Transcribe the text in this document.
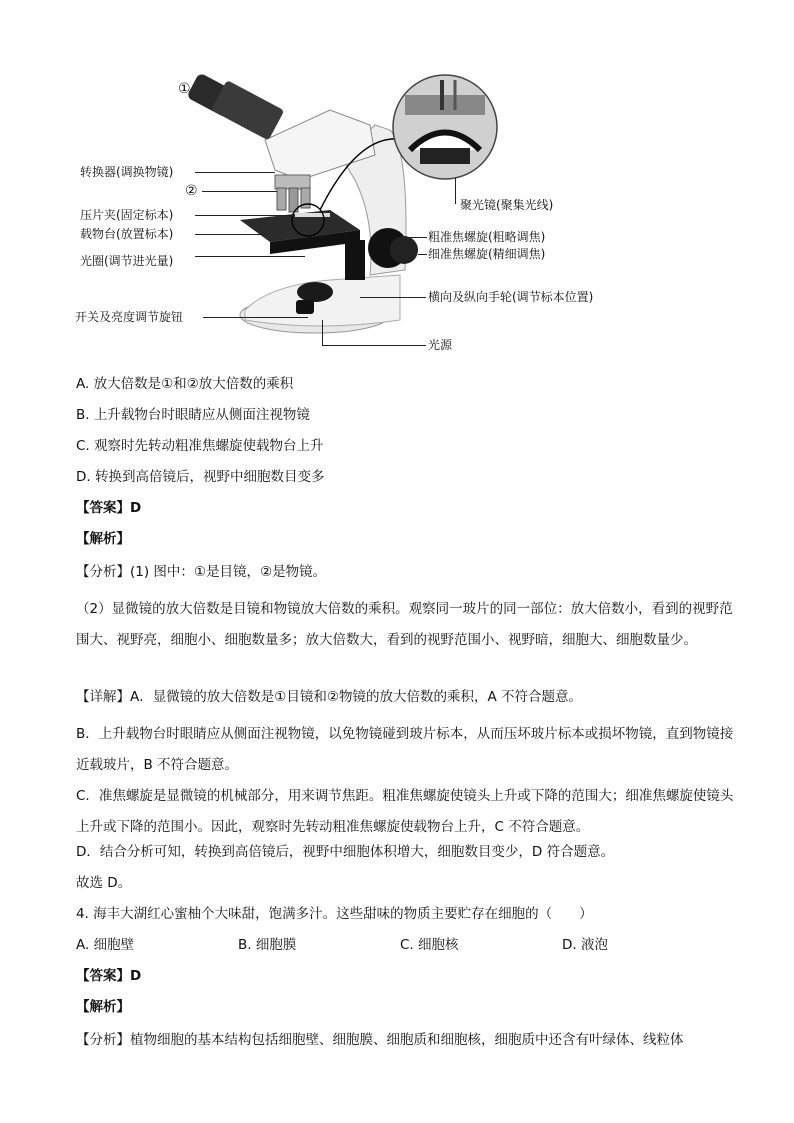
①
转换器(调换物镜)
②
压片夹(固定标本)
载物台(放置标本)
光圈(调节进光量)
开关及亮度调节旋钮
聚光镜(聚集光线)
粗准焦螺旋(粗略调焦)
细准焦螺旋(精细调焦)
横向及纵向手轮(调节标本位置)
光源
A. 放大倍数是①和②放大倍数的乘积
B. 上升载物台时眼睛应从侧面注视物镜
C. 观察时先转动粗准焦螺旋使载物台上升
D. 转换到高倍镜后，视野中细胞数目变多
【答案】D
【解析】
【分析】(1) 图中：①是目镜，②是物镜。
（2）显微镜的放大倍数是目镜和物镜放大倍数的乘积。观察同一玻片的同一部位：放大倍数小，看到的视野范围大、视野亮，细胞小、细胞数量多；放大倍数大，看到的视野范围小、视野暗，细胞大、细胞数量少。
【详解】A．显微镜的放大倍数是①目镜和②物镜的放大倍数的乘积，A 不符合题意。
B．上升载物台时眼睛应从侧面注视物镜，以免物镜碰到玻片标本，从而压坏玻片标本或损坏物镜，直到物镜接近载玻片，B 不符合题意。
C．准焦螺旋是显微镜的机械部分，用来调节焦距。粗准焦螺旋使镜头上升或下降的范围大；细准焦螺旋使镜头上升或下降的范围小。因此，观察时先转动粗准焦螺旋使载物台上升，C 不符合题意。
D．结合分析可知，转换到高倍镜后，视野中细胞体积增大，细胞数目变少，D 符合题意。
故选 D。
4. 海丰大湖红心蜜柚个大味甜，饱满多汁。这些甜味的物质主要贮存在细胞的（　　）
A. 细胞壁	B. 细胞膜	C. 细胞核	D. 液泡
【答案】D
【解析】
【分析】植物细胞的基本结构包括细胞壁、细胞膜、细胞质和细胞核，细胞质中还含有叶绿体、线粒体
